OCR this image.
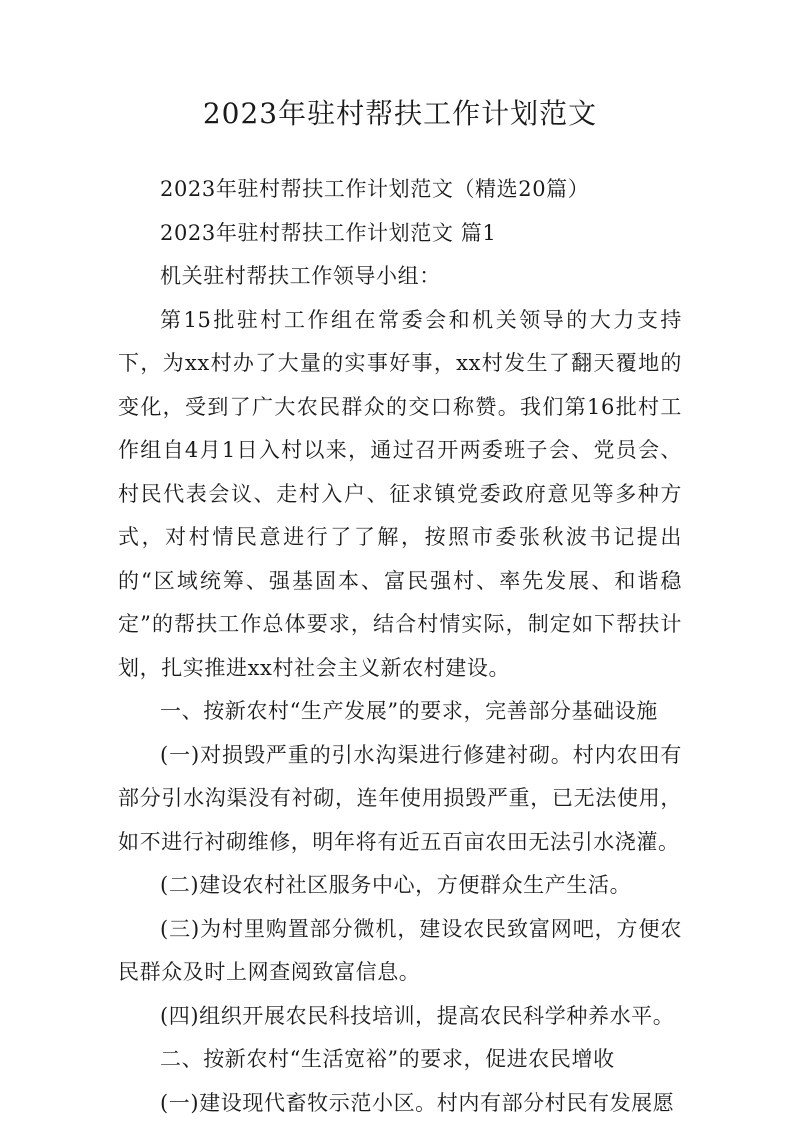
2023年驻村帮扶工作计划范文

2023年驻村帮扶工作计划范文（精选20篇）

2023年驻村帮扶工作计划范文 篇1

机关驻村帮扶工作领导小组：

第15批驻村工作组在常委会和机关领导的大力支持下，为xx村办了大量的实事好事，xx村发生了翻天覆地的变化，受到了广大农民群众的交口称赞。我们第16批村工作组自4月1日入村以来，通过召开两委班子会、党员会、村民代表会议、走村入户、征求镇党委政府意见等多种方式，对村情民意进行了了解，按照市委张秋波书记提出的“区域统筹、强基固本、富民强村、率先发展、和谐稳定”的帮扶工作总体要求，结合村情实际，制定如下帮扶计划，扎实推进xx村社会主义新农村建设。

一、按新农村“生产发展”的要求，完善部分基础设施

(一)对损毁严重的引水沟渠进行修建衬砌。村内农田有部分引水沟渠没有衬砌，连年使用损毁严重，已无法使用，如不进行衬砌维修，明年将有近五百亩农田无法引水浇灌。

(二)建设农村社区服务中心，方便群众生产生活。

(三)为村里购置部分微机，建设农民致富网吧，方便农民群众及时上网查阅致富信息。

(四)组织开展农民科技培训，提高农民科学种养水平。

二、按新农村“生活宽裕”的要求，促进农民增收

(一)建设现代畜牧示范小区。村内有部分村民有发展愿
